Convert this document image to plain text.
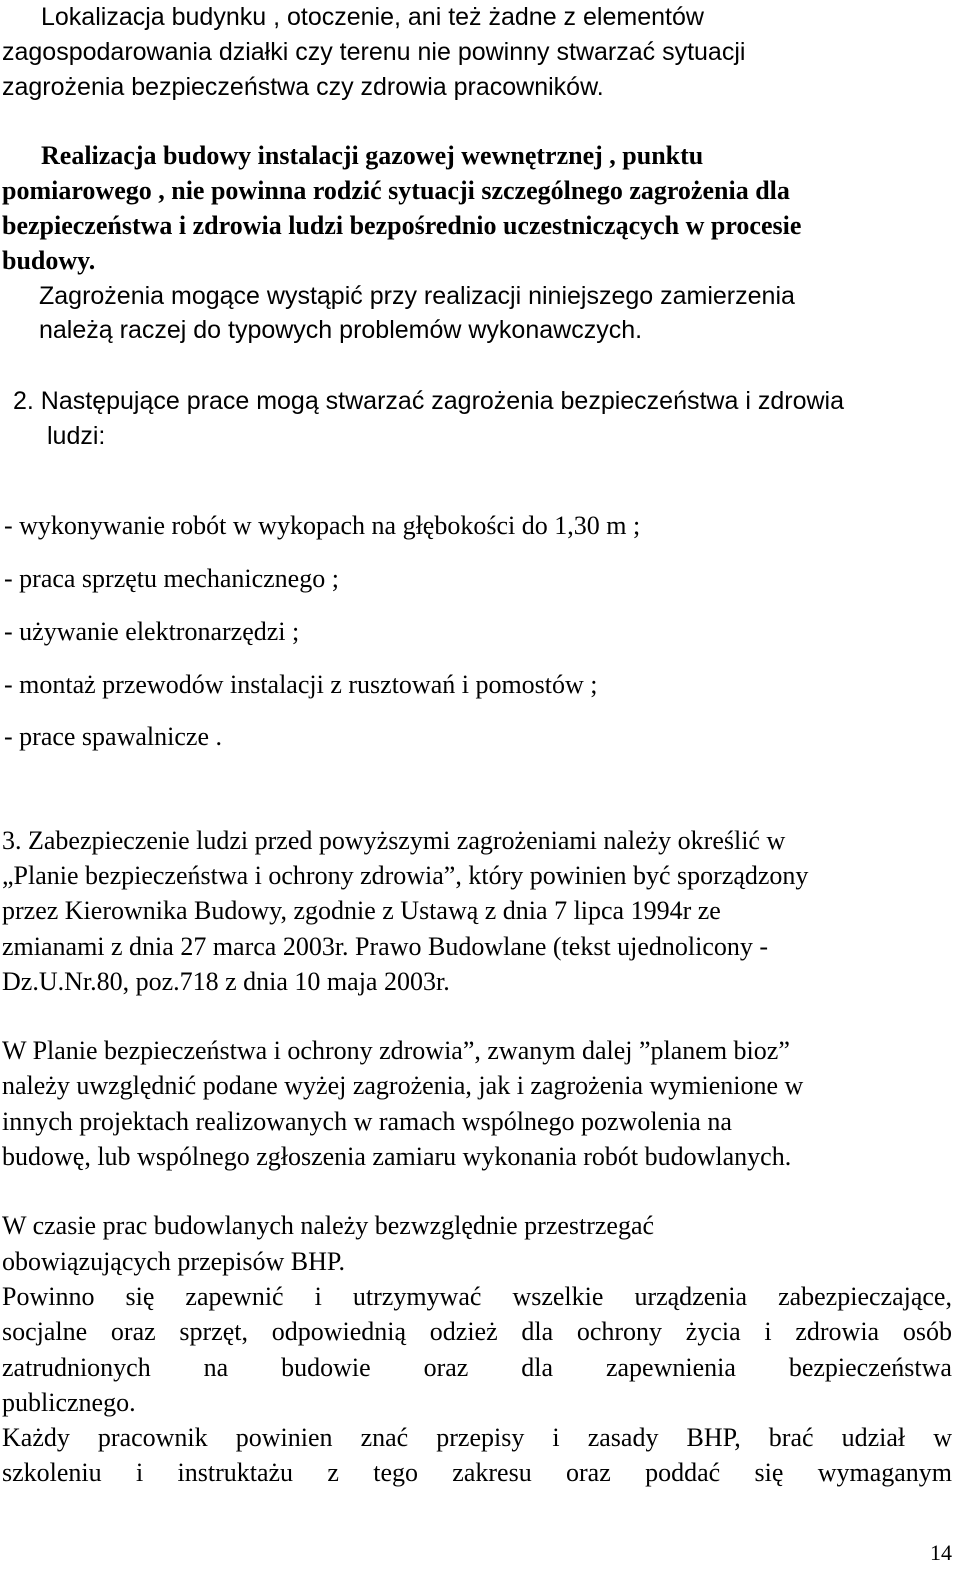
Lokalizacja budynku , otoczenie, ani też żadne z elementów
zagospodarowania działki czy terenu nie powinny stwarzać sytuacji
zagrożenia bezpieczeństwa czy zdrowia pracowników.
Realizacja budowy instalacji gazowej wewnętrznej , punktu
pomiarowego , nie powinna rodzić sytuacji szczególnego zagrożenia dla
bezpieczeństwa i zdrowia ludzi bezpośrednio uczestniczących w procesie
budowy.
Zagrożenia mogące wystąpić przy realizacji niniejszego zamierzenia
należą raczej do typowych problemów wykonawczych.
2. Następujące prace mogą stwarzać zagrożenia bezpieczeństwa i zdrowia
ludzi:
- wykonywanie robót w wykopach na głębokości do 1,30 m ;
- praca sprzętu mechanicznego ;
- używanie elektronarzędzi ;
- montaż przewodów instalacji z rusztowań i pomostów ;
- prace spawalnicze .
3. Zabezpieczenie ludzi przed powyższymi zagrożeniami należy określić w
„Planie bezpieczeństwa i ochrony zdrowia”, który powinien być sporządzony
przez Kierownika Budowy, zgodnie z Ustawą z dnia 7 lipca 1994r ze
zmianami z dnia 27 marca 2003r. Prawo Budowlane (tekst ujednolicony -
Dz.U.Nr.80, poz.718 z dnia 10 maja 2003r.
W Planie bezpieczeństwa i ochrony zdrowia”, zwanym dalej ”planem bioz”
należy uwzględnić podane wyżej zagrożenia, jak i zagrożenia wymienione w
innych projektach realizowanych w ramach wspólnego pozwolenia na
budowę, lub wspólnego zgłoszenia zamiaru wykonania robót budowlanych.
W czasie prac budowlanych należy bezwzględnie przestrzegać
obowiązujących przepisów BHP.
Powinno się zapewnić i utrzymywać wszelkie urządzenia zabezpieczające,
socjalne oraz sprzęt, odpowiednią odzież dla ochrony życia i zdrowia osób
zatrudnionych na budowie oraz dla zapewnienia bezpieczeństwa
publicznego.
Każdy pracownik powinien znać przepisy i zasady BHP, brać udział w
szkoleniu i instruktażu z tego zakresu oraz poddać się wymaganym
14
